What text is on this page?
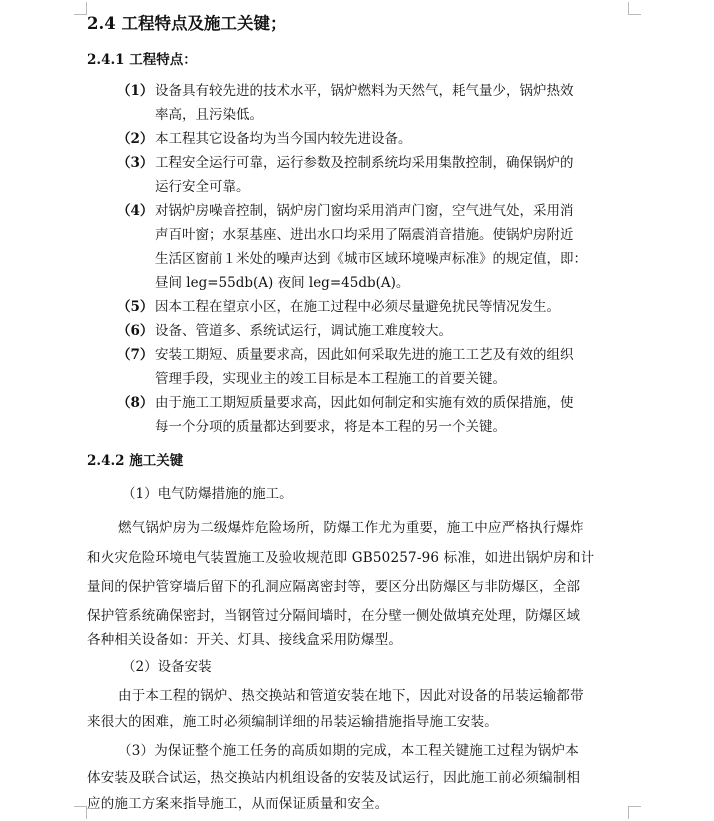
2.4 工程特点及施工关键；
2.4.1 工程特点：
（1） 设备具有较先进的技术水平，锅炉燃料为天然气，耗气量少，锅炉热效
率高，且污染低。
（2） 本工程其它设备均为当今国内较先进设备。
（3） 工程安全运行可靠，运行参数及控制系统均采用集散控制，确保锅炉的
运行安全可靠。
（4） 对锅炉房噪音控制，锅炉房门窗均采用消声门窗，空气进气处，采用消
声百叶窗；水泵基座、进出水口均采用了隔震消音措施。使锅炉房附近
生活区窗前１米处的噪声达到《城市区域环境噪声标准》的规定值，即：
昼间 leg=55db(A) 夜间 leg=45db(A)。
（5） 因本工程在望京小区，在施工过程中必须尽量避免扰民等情况发生。
（6） 设备、管道多、系统试运行，调试施工难度较大。
（7） 安装工期短、质量要求高，因此如何采取先进的施工工艺及有效的组织
管理手段，实现业主的竣工目标是本工程施工的首要关键。
（8） 由于施工工期短质量要求高，因此如何制定和实施有效的质保措施，使
每一个分项的质量都达到要求，将是本工程的另一个关键。
2.4.2 施工关键
（1）电气防爆措施的施工。
燃气锅炉房为二级爆炸危险场所，防爆工作尤为重要，施工中应严格执行爆炸
和火灾危险环境电气装置施工及验收规范即 GB50257-96 标准，如进出锅炉房和计
量间的保护管穿墙后留下的孔洞应隔离密封等，要区分出防爆区与非防爆区，全部
保护管系统确保密封，当钢管过分隔间墙时，在分壁一侧处做填充处理，防爆区域
各种相关设备如：开关、灯具、接线盒采用防爆型。
（2）设备安装
由于本工程的锅炉、热交换站和管道安装在地下，因此对设备的吊装运输都带
来很大的困难，施工时必须编制详细的吊装运输措施指导施工安装。
（3）为保证整个施工任务的高质如期的完成，本工程关键施工过程为锅炉本
体安装及联合试运，热交换站内机组设备的安装及试运行，因此施工前必须编制相
应的施工方案来指导施工，从而保证质量和安全。
